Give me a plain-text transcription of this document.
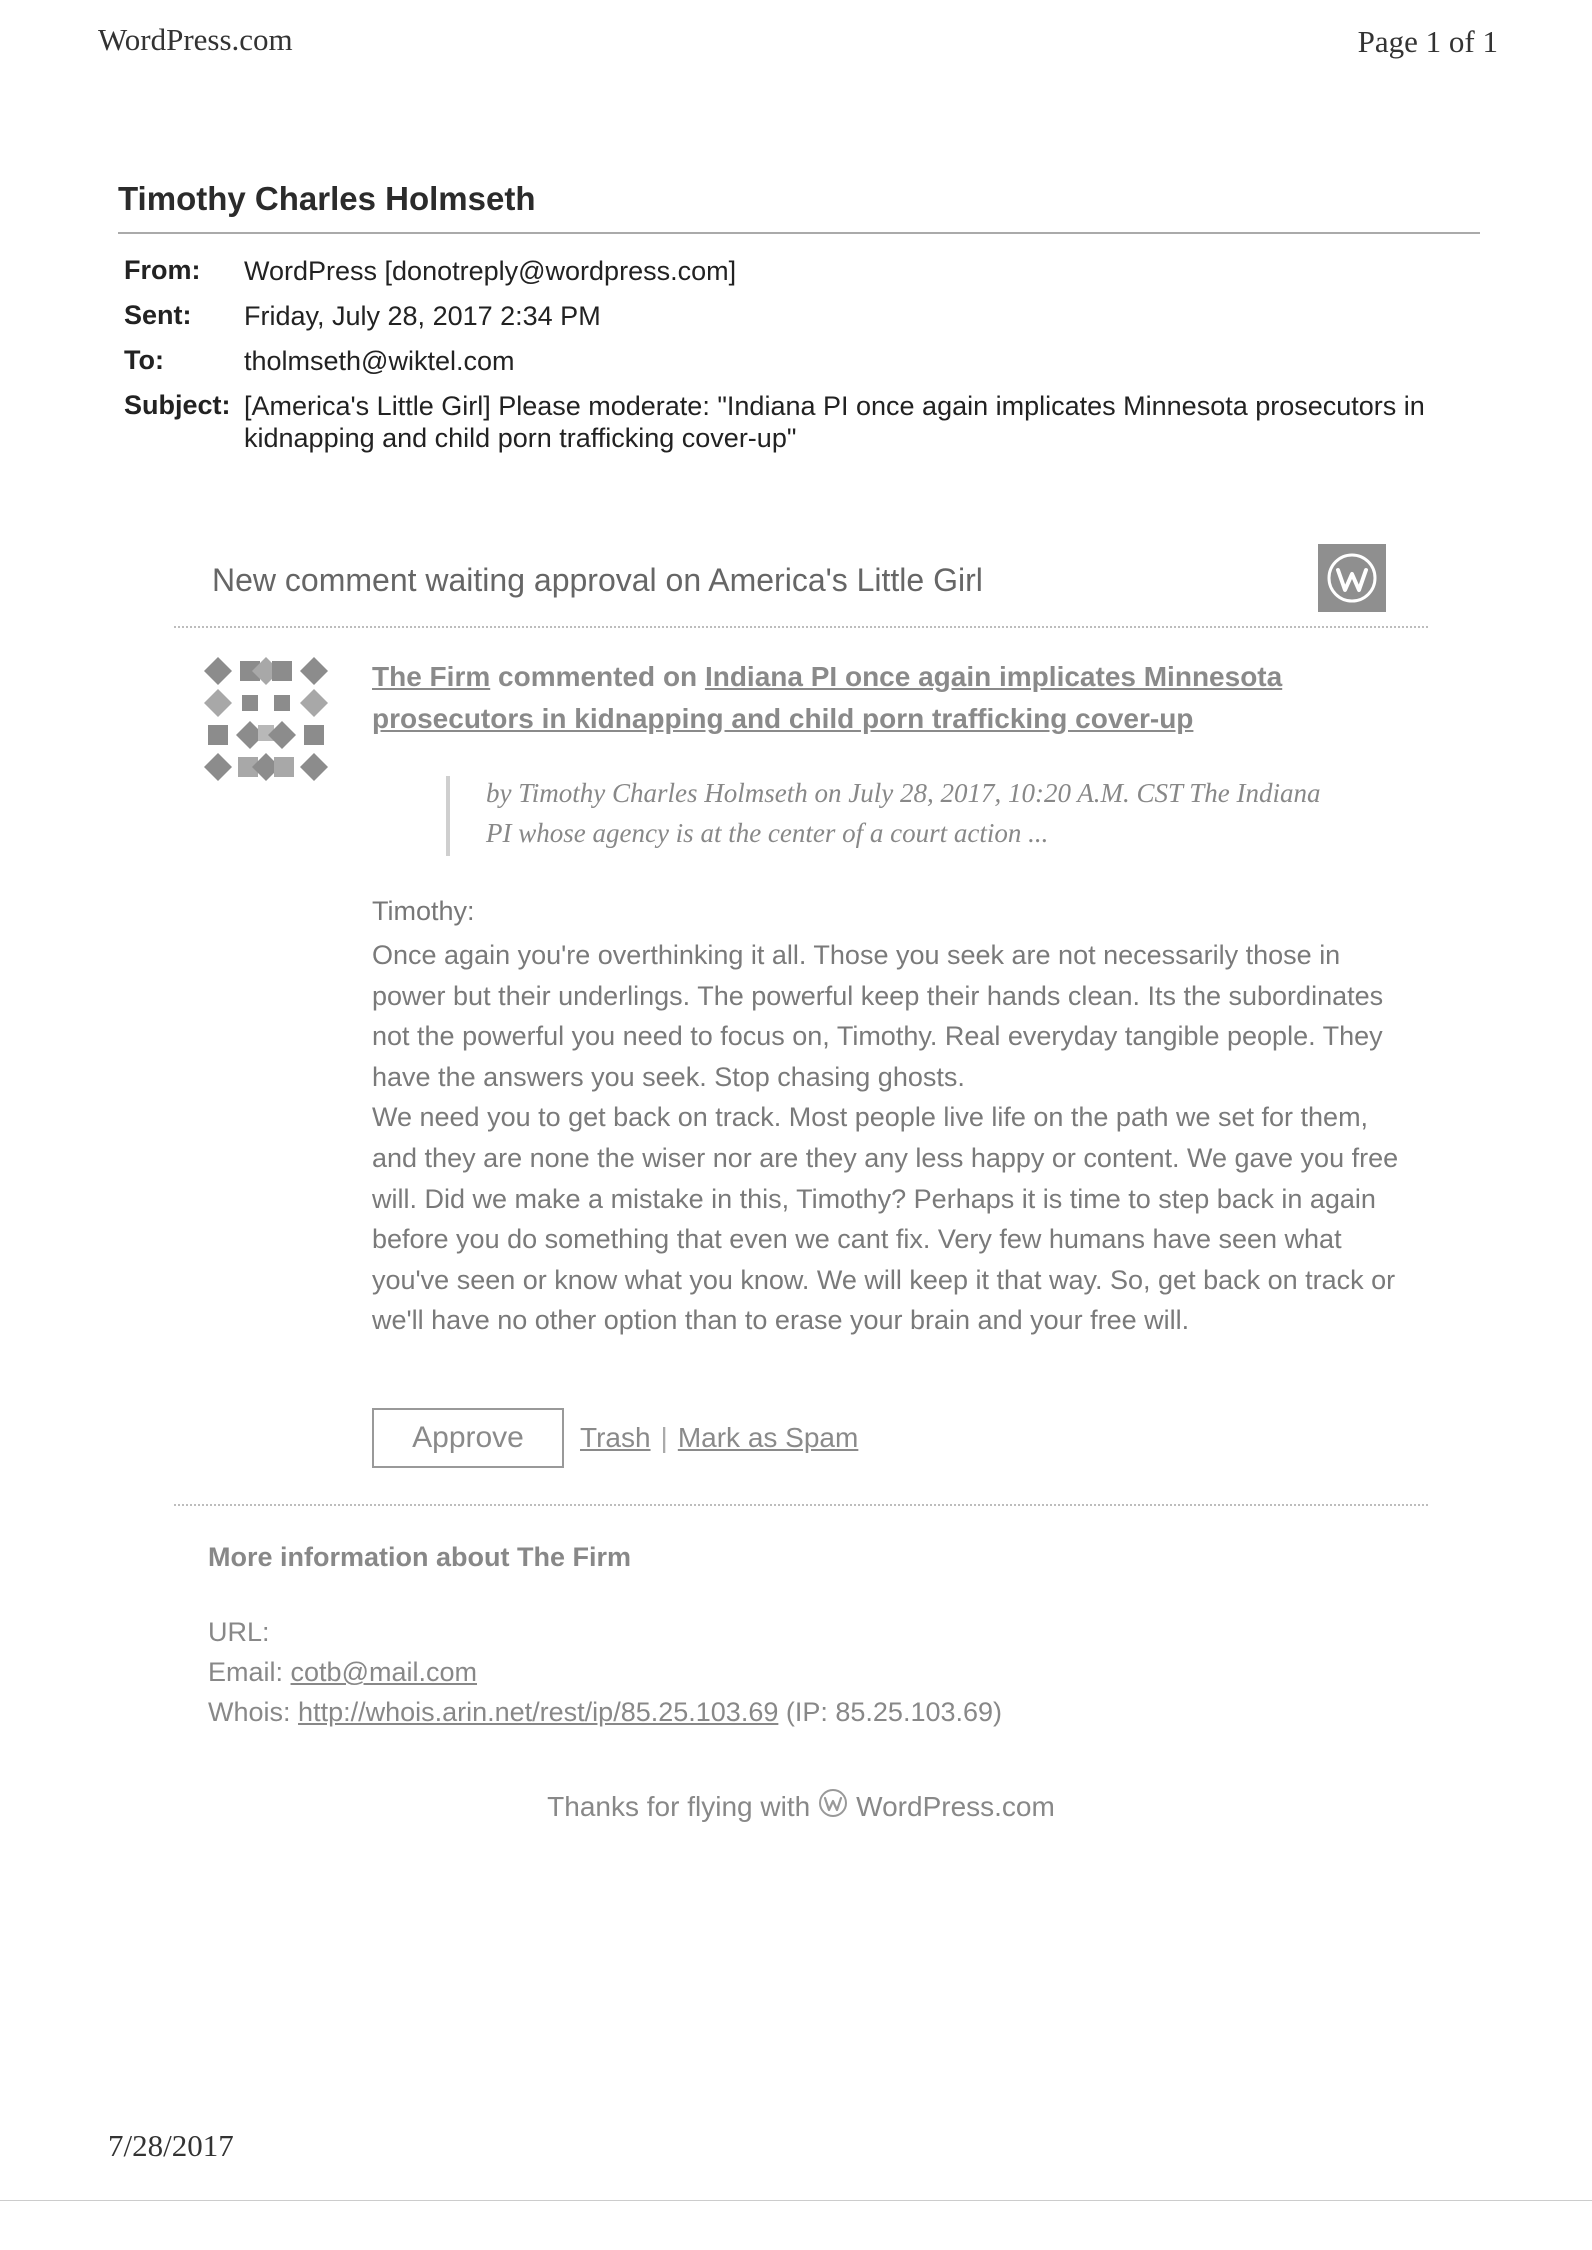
WordPress.com	Page 1 of 1
Timothy Charles Holmseth
From:	WordPress [donotreply@wordpress.com]
Sent:	Friday, July 28, 2017 2:34 PM
To:	tholmseth@wiktel.com
Subject: [America's Little Girl] Please moderate: "Indiana PI once again implicates Minnesota prosecutors in kidnapping and child porn trafficking cover-up"
New comment waiting approval on America's Little Girl
The Firm commented on Indiana PI once again implicates Minnesota prosecutors in kidnapping and child porn trafficking cover-up
by Timothy Charles Holmseth on July 28, 2017, 10:20 A.M. CST The Indiana PI whose agency is at the center of a court action ...
Timothy:

Once again you're overthinking it all. Those you seek are not necessarily those in power but their underlings. The powerful keep their hands clean. Its the subordinates not the powerful you need to focus on, Timothy. Real everyday tangible people. They have the answers you seek. Stop chasing ghosts.

We need you to get back on track. Most people live life on the path we set for them, and they are none the wiser nor are they any less happy or content. We gave you free will. Did we make a mistake in this, Timothy? Perhaps it is time to step back in again before you do something that even we cant fix. Very few humans have seen what you've seen or know what you know. We will keep it that way. So, get back on track or we'll have no other option than to erase your brain and your free will.

Approve	Trash | Mark as Spam
More information about The Firm
URL:
Email: cotb@mail.com
Whois: http://whois.arin.net/rest/ip/85.25.103.69 (IP: 85.25.103.69)
Thanks for flying with WordPress.com
7/28/2017
